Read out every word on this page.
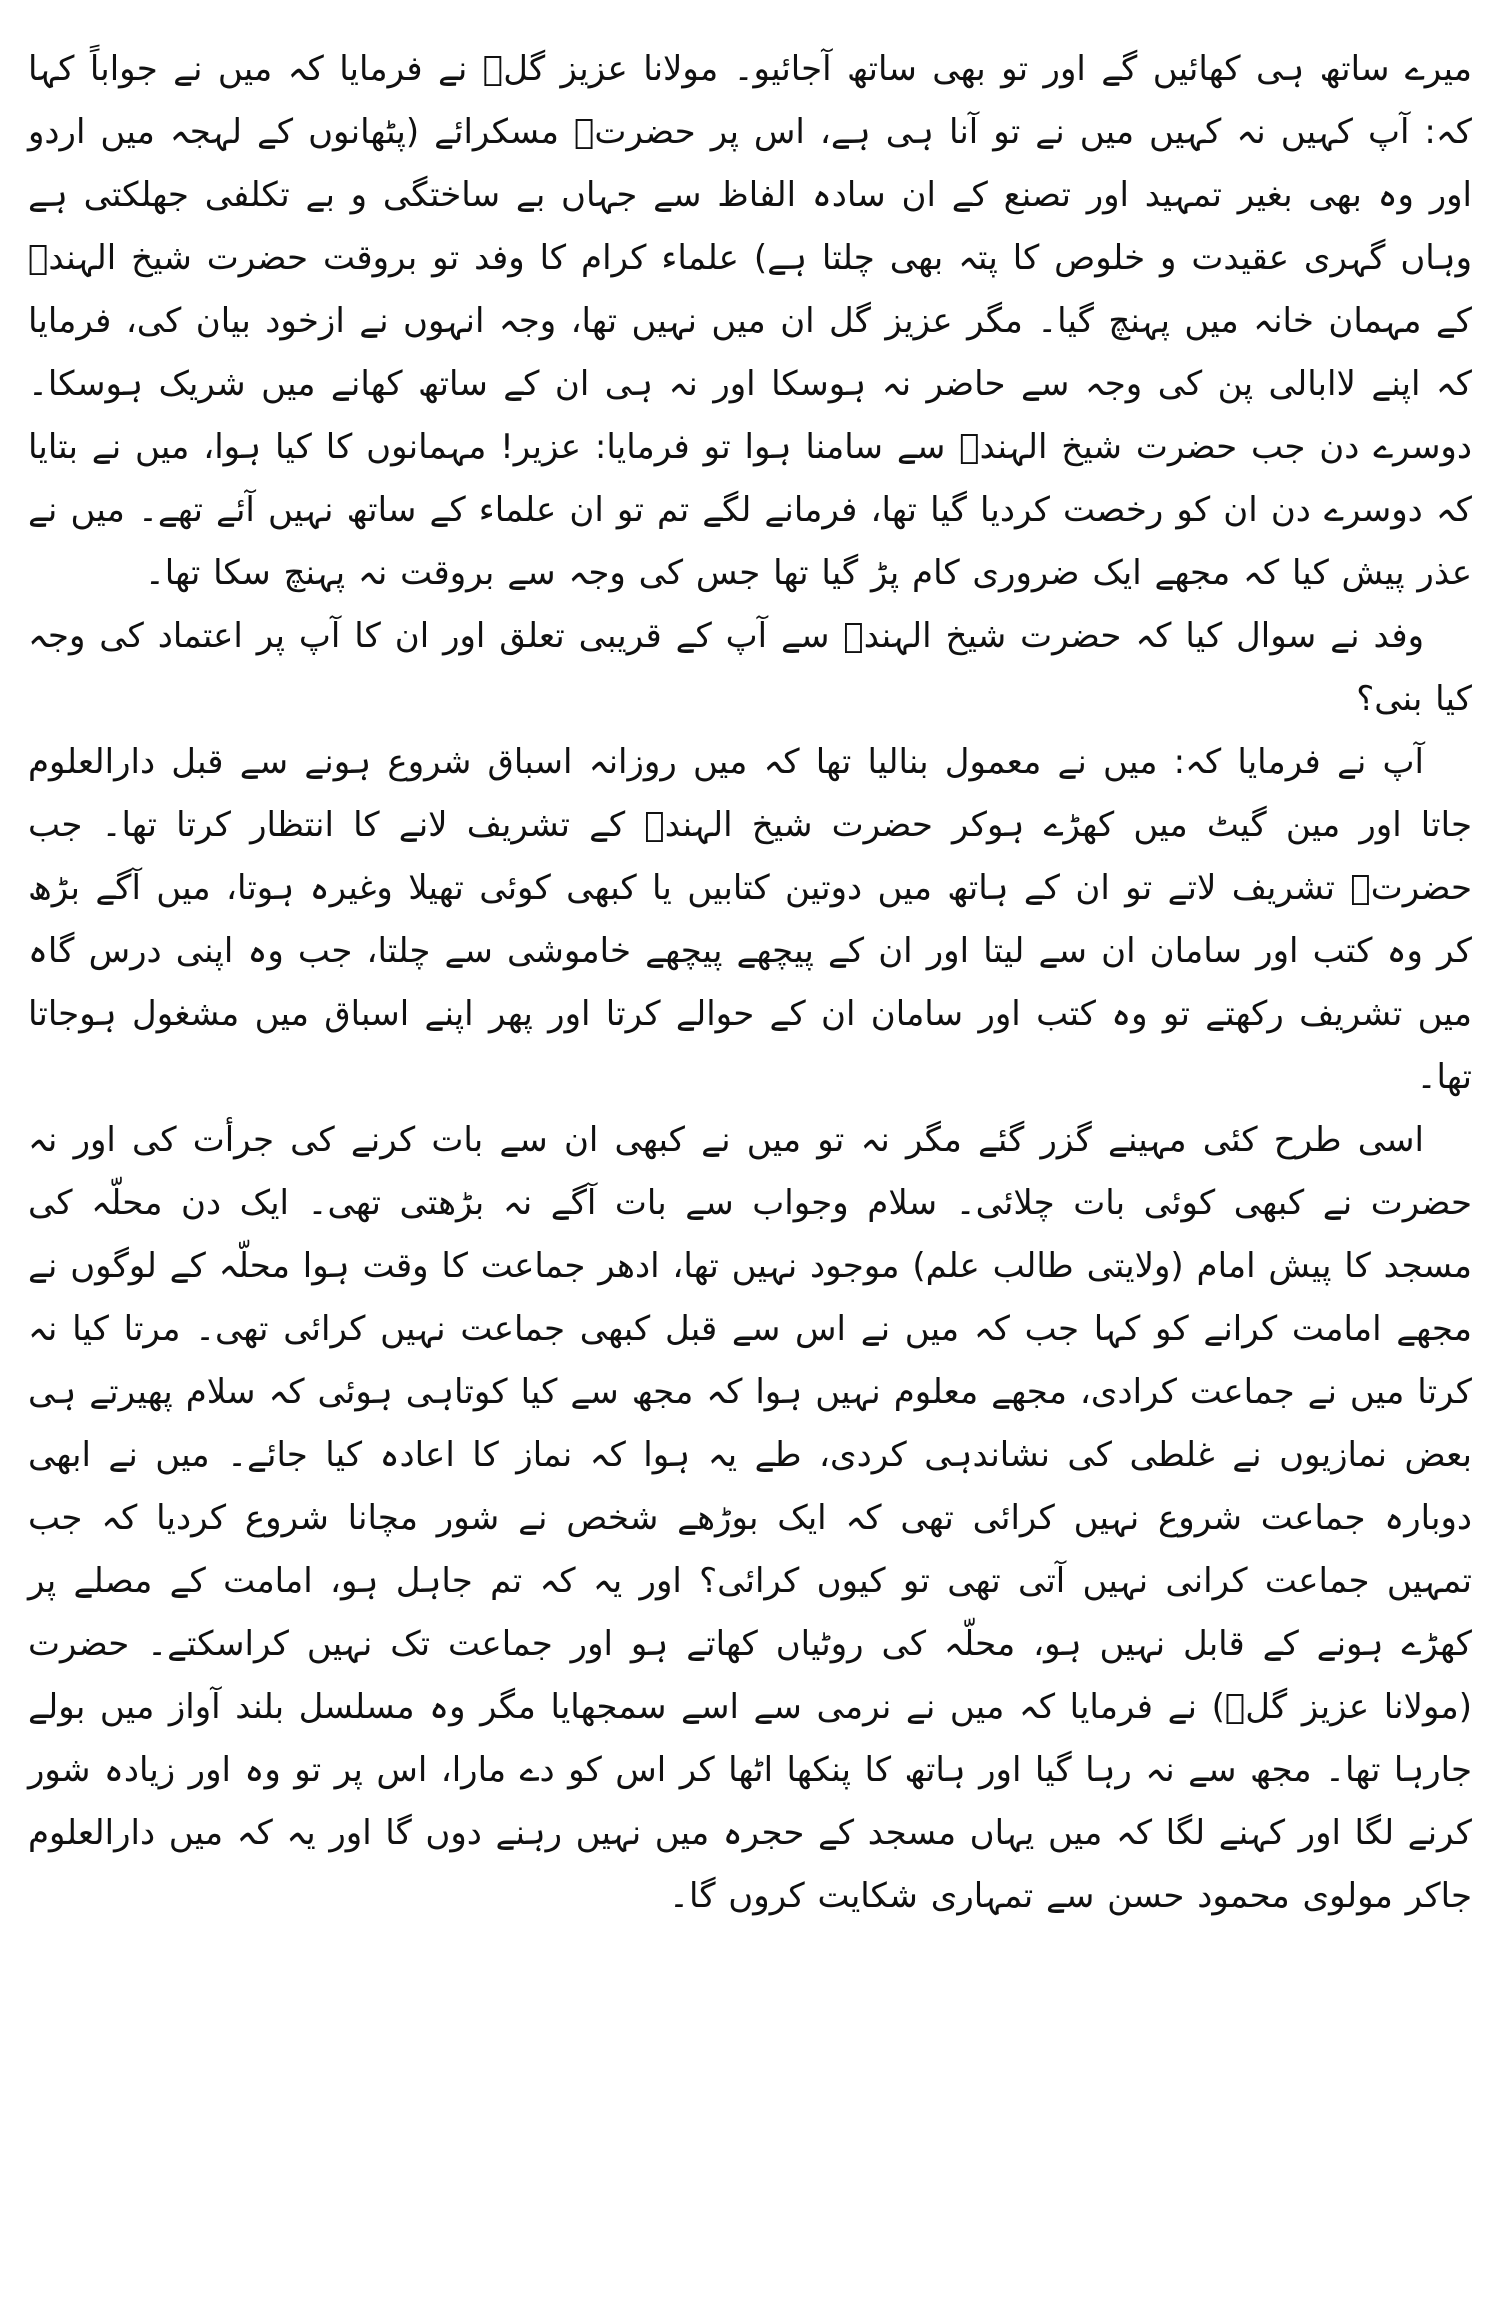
میرے ساتھ ہی کھائیں گے اور تو بھی ساتھ آجائیو۔ مولانا عزیز گلؒ نے فرمایا کہ میں نے جواباً کہا کہ: آپ کہیں نہ کہیں میں نے تو آنا ہی ہے، اس پر حضرتؒ مسکرائے (پٹھانوں کے لہجہ میں اردو اور وہ بھی بغیر تمہید اور تصنع کے ان سادہ الفاظ سے جہاں بے ساختگی و بے تکلفی جھلکتی ہے وہاں گہری عقیدت و خلوص کا پتہ بھی چلتا ہے) علماء کرام کا وفد تو بروقت حضرت شیخ الہندؒ کے مہمان خانہ میں پہنچ گیا۔ مگر عزیز گل ان میں نہیں تھا، وجہ انہوں نے ازخود بیان کی، فرمایا کہ اپنے لاابالی پن کی وجہ سے حاضر نہ ہوسکا اور نہ ہی ان کے ساتھ کھانے میں شریک ہوسکا۔ دوسرے دن جب حضرت شیخ الہندؒ سے سامنا ہوا تو فرمایا: عزیر! مہمانوں کا کیا ہوا، میں نے بتایا کہ دوسرے دن ان کو رخصت کردیا گیا تھا، فرمانے لگے تم تو ان علماء کے ساتھ نہیں آئے تھے۔ میں نے عذر پیش کیا کہ مجھے ایک ضروری کام پڑ گیا تھا جس کی وجہ سے بروقت نہ پہنچ سکا تھا۔

وفد نے سوال کیا کہ حضرت شیخ الہندؒ سے آپ کے قریبی تعلق اور ان کا آپ پر اعتماد کی وجہ کیا بنی؟

آپ نے فرمایا کہ: میں نے معمول بنالیا تھا کہ میں روزانہ اسباق شروع ہونے سے قبل دارالعلوم جاتا اور مین گیٹ میں کھڑے ہوکر حضرت شیخ الہندؒ کے تشریف لانے کا انتظار کرتا تھا۔ جب حضرتؒ تشریف لاتے تو ان کے ہاتھ میں دوتین کتابیں یا کبھی کوئی تھیلا وغیرہ ہوتا، میں آگے بڑھ کر وہ کتب اور سامان ان سے لیتا اور ان کے پیچھے پیچھے خاموشی سے چلتا، جب وہ اپنی درس گاہ میں تشریف رکھتے تو وہ کتب اور سامان ان کے حوالے کرتا اور پھر اپنے اسباق میں مشغول ہوجاتا تھا۔

اسی طرح کئی مہینے گزر گئے مگر نہ تو میں نے کبھی ان سے بات کرنے کی جرأت کی اور نہ حضرت نے کبھی کوئی بات چلائی۔ سلام وجواب سے بات آگے نہ بڑھتی تھی۔ ایک دن محلّہ کی مسجد کا پیش امام (ولایتی طالب علم) موجود نہیں تھا، ادھر جماعت کا وقت ہوا محلّہ کے لوگوں نے مجھے امامت کرانے کو کہا جب کہ میں نے اس سے قبل کبھی جماعت نہیں کرائی تھی۔ مرتا کیا نہ کرتا میں نے جماعت کرادی، مجھے معلوم نہیں ہوا کہ مجھ سے کیا کوتاہی ہوئی کہ سلام پھیرتے ہی بعض نمازیوں نے غلطی کی نشاندہی کردی، طے یہ ہوا کہ نماز کا اعادہ کیا جائے۔ میں نے ابھی دوبارہ جماعت شروع نہیں کرائی تھی کہ ایک بوڑھے شخص نے شور مچانا شروع کردیا کہ جب تمہیں جماعت کرانی نہیں آتی تھی تو کیوں کرائی؟ اور یہ کہ تم جاہل ہو، امامت کے مصلے پر کھڑے ہونے کے قابل نہیں ہو، محلّہ کی روٹیاں کھاتے ہو اور جماعت تک نہیں کراسکتے۔ حضرت (مولانا عزیز گلؒ) نے فرمایا کہ میں نے نرمی سے اسے سمجھایا مگر وہ مسلسل بلند آواز میں بولے جارہا تھا۔ مجھ سے نہ رہا گیا اور ہاتھ کا پنکھا اٹھا کر اس کو دے مارا، اس پر تو وہ اور زیادہ شور کرنے لگا اور کہنے لگا کہ میں یہاں مسجد کے حجرہ میں نہیں رہنے دوں گا اور یہ کہ میں دارالعلوم جاکر مولوی محمود حسن سے تمہاری شکایت کروں گا۔
